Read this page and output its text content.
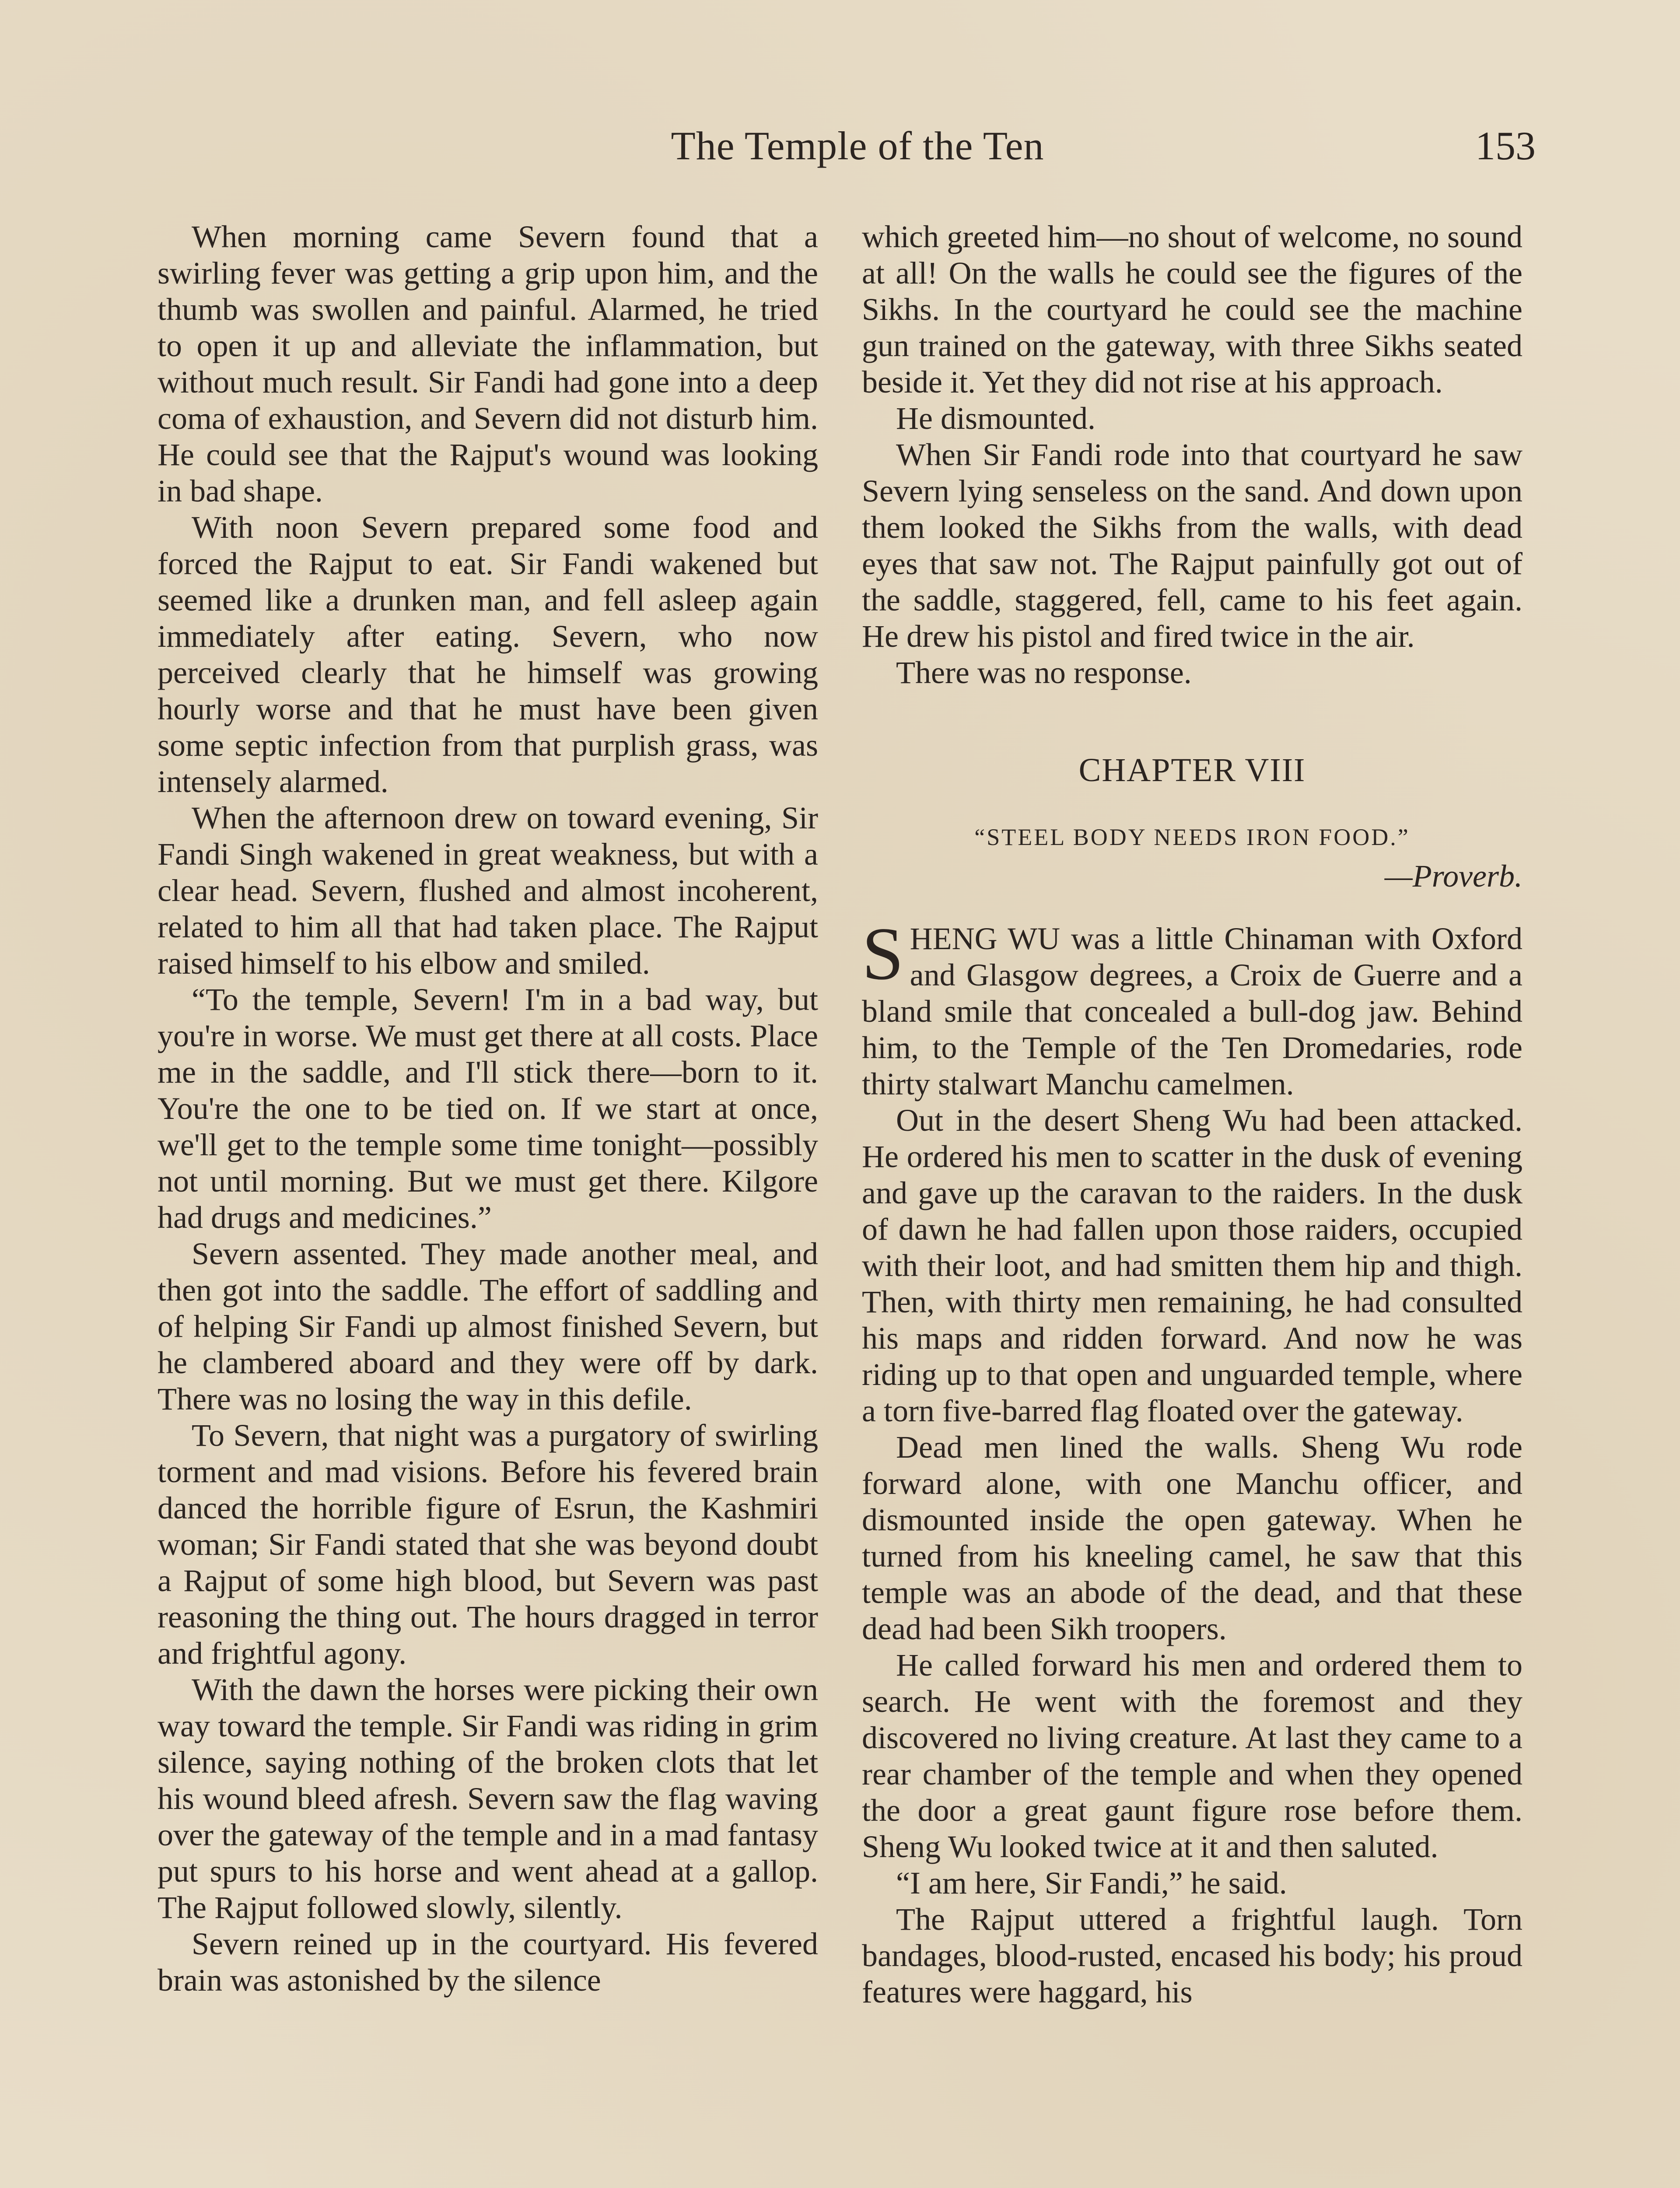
The Temple of the Ten	153

When morning came Severn found that a swirling fever was getting a grip upon him, and the thumb was swollen and painful. Alarmed, he tried to open it up and alleviate the inflammation, but without much result. Sir Fandi had gone into a deep coma of exhaustion, and Severn did not disturb him. He could see that the Rajput's wound was looking in bad shape.

With noon Severn prepared some food and forced the Rajput to eat. Sir Fandi wakened but seemed like a drunken man, and fell asleep again immediately after eating. Severn, who now perceived clearly that he himself was growing hourly worse and that he must have been given some septic infection from that purplish grass, was intensely alarmed.

When the afternoon drew on toward evening, Sir Fandi Singh wakened in great weakness, but with a clear head. Severn, flushed and almost incoherent, related to him all that had taken place. The Rajput raised himself to his elbow and smiled.

“To the temple, Severn! I'm in a bad way, but you're in worse. We must get there at all costs. Place me in the saddle, and I'll stick there—born to it. You're the one to be tied on. If we start at once, we'll get to the temple some time tonight—possibly not until morning. But we must get there. Kilgore had drugs and medicines.”

Severn assented. They made another meal, and then got into the saddle. The effort of saddling and of helping Sir Fandi up almost finished Severn, but he clambered aboard and they were off by dark. There was no losing the way in this defile.

To Severn, that night was a purgatory of swirling torment and mad visions. Before his fevered brain danced the horrible figure of Esrun, the Kashmiri woman; Sir Fandi stated that she was beyond doubt a Rajput of some high blood, but Severn was past reasoning the thing out. The hours dragged in terror and frightful agony.

With the dawn the horses were picking their own way toward the temple. Sir Fandi was riding in grim silence, saying nothing of the broken clots that let his wound bleed afresh. Severn saw the flag waving over the gateway of the temple and in a mad fantasy put spurs to his horse and went ahead at a gallop. The Rajput followed slowly, silently.

Severn reined up in the courtyard. His fevered brain was astonished by the silence

which greeted him—no shout of welcome, no sound at all! On the walls he could see the figures of the Sikhs. In the courtyard he could see the machine gun trained on the gateway, with three Sikhs seated beside it. Yet they did not rise at his approach.

He dismounted.

When Sir Fandi rode into that courtyard he saw Severn lying senseless on the sand. And down upon them looked the Sikhs from the walls, with dead eyes that saw not. The Rajput painfully got out of the saddle, staggered, fell, came to his feet again. He drew his pistol and fired twice in the air.

There was no response.

CHAPTER VIII
“STEEL BODY NEEDS IRON FOOD.”
—Proverb.

SHENG WU was a little Chinaman with Oxford and Glasgow degrees, a Croix de Guerre and a bland smile that concealed a bull-dog jaw. Behind him, to the Temple of the Ten Dromedaries, rode thirty stalwart Manchu camelmen.

Out in the desert Sheng Wu had been attacked. He ordered his men to scatter in the dusk of evening and gave up the caravan to the raiders. In the dusk of dawn he had fallen upon those raiders, occupied with their loot, and had smitten them hip and thigh. Then, with thirty men remaining, he had consulted his maps and ridden forward. And now he was riding up to that open and unguarded temple, where a torn five-barred flag floated over the gateway.

Dead men lined the walls. Sheng Wu rode forward alone, with one Manchu officer, and dismounted inside the open gateway. When he turned from his kneeling camel, he saw that this temple was an abode of the dead, and that these dead had been Sikh troopers.

He called forward his men and ordered them to search. He went with the foremost and they discovered no living creature. At last they came to a rear chamber of the temple and when they opened the door a great gaunt figure rose before them. Sheng Wu looked twice at it and then saluted.

“I am here, Sir Fandi,” he said.

The Rajput uttered a frightful laugh. Torn bandages, blood-rusted, encased his body; his proud features were haggard, his
